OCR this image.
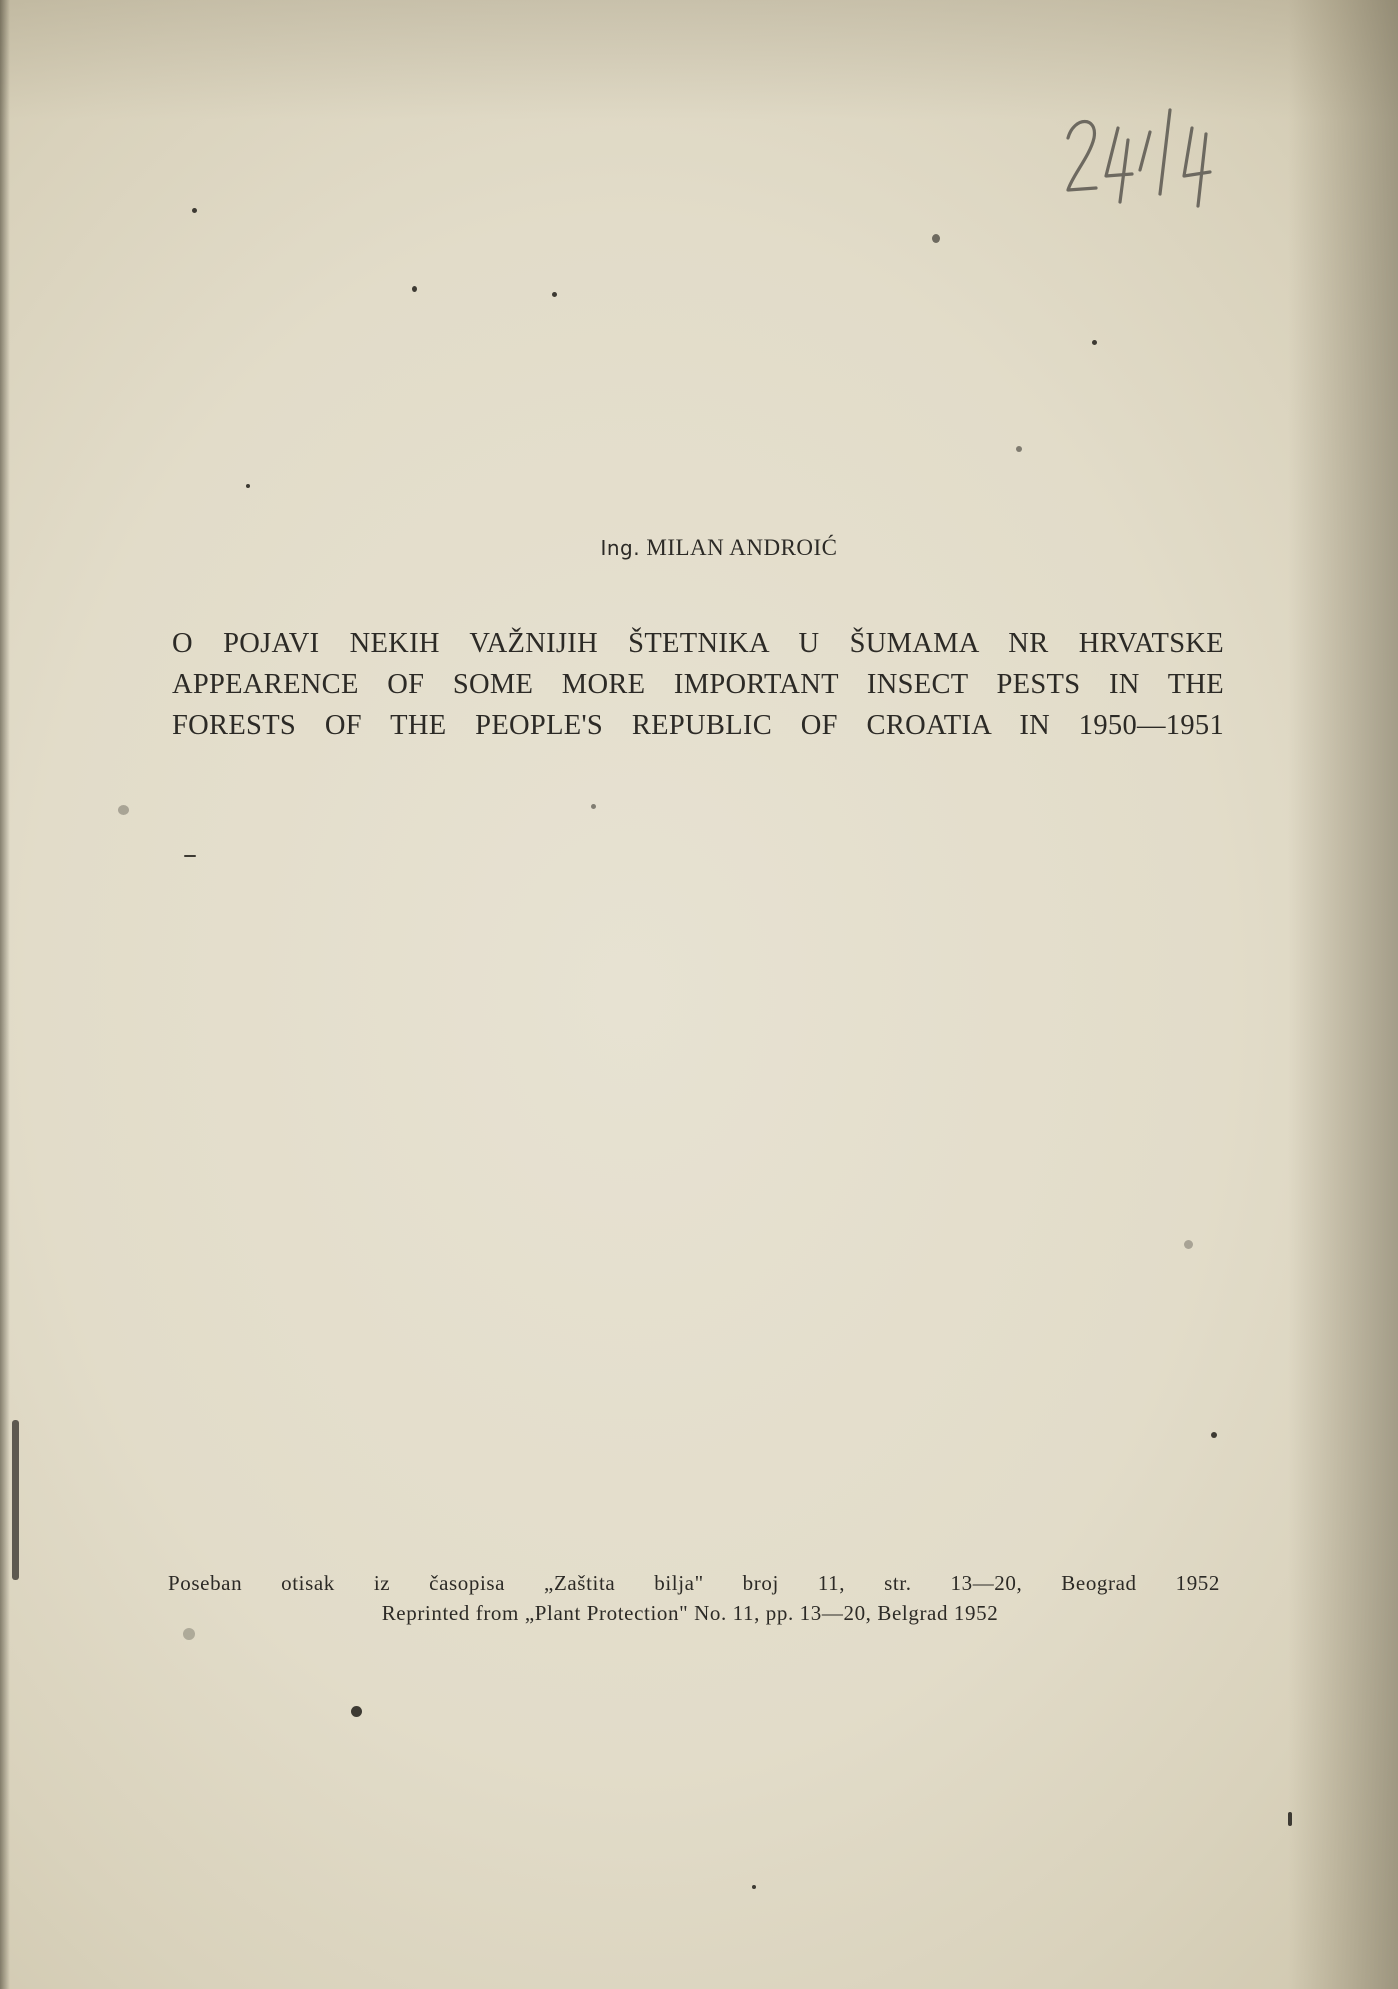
Ing. MILAN ANDROIĆ
O POJAVI NEKIH VAŽNIJIH ŠTETNIKA U ŠUMAMA NR HRVATSKE
APPEARENCE OF SOME MORE IMPORTANT INSECT PESTS IN THE
FORESTS OF THE PEOPLE'S REPUBLIC OF CROATIA IN 1950—1951
Poseban otisak iz časopisa „Zaštita bilja" broj 11, str. 13—20, Beograd 1952
Reprinted from „Plant Protection" No. 11, pp. 13—20, Belgrad 1952
